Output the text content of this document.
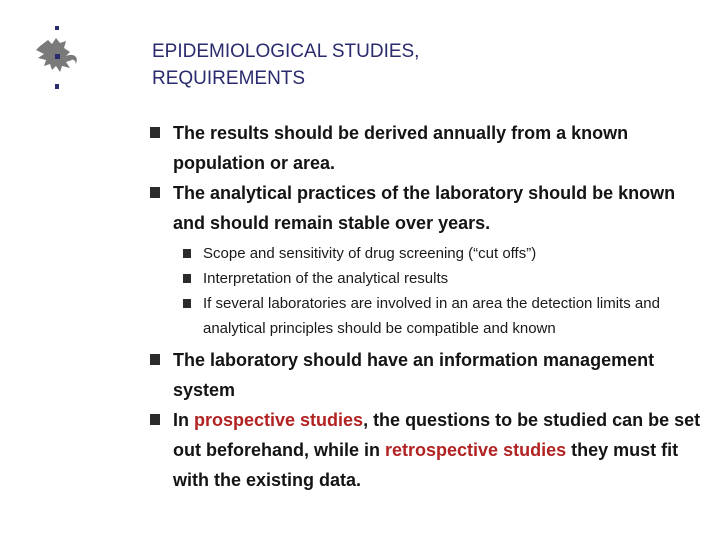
EPIDEMIOLOGICAL STUDIES,
REQUIREMENTS

The results should be derived annually from a known population or area.

The analytical practices of the laboratory should be known and should remain stable over years.

Scope and sensitivity of drug screening (“cut offs”)

Interpretation of the analytical results

If several laboratories are involved in an area the detection limits and analytical principles should be compatible and known

The laboratory should have an information management system

In prospective studies, the questions to be studied can be set out beforehand, while in retrospective studies they must fit with the existing data.
